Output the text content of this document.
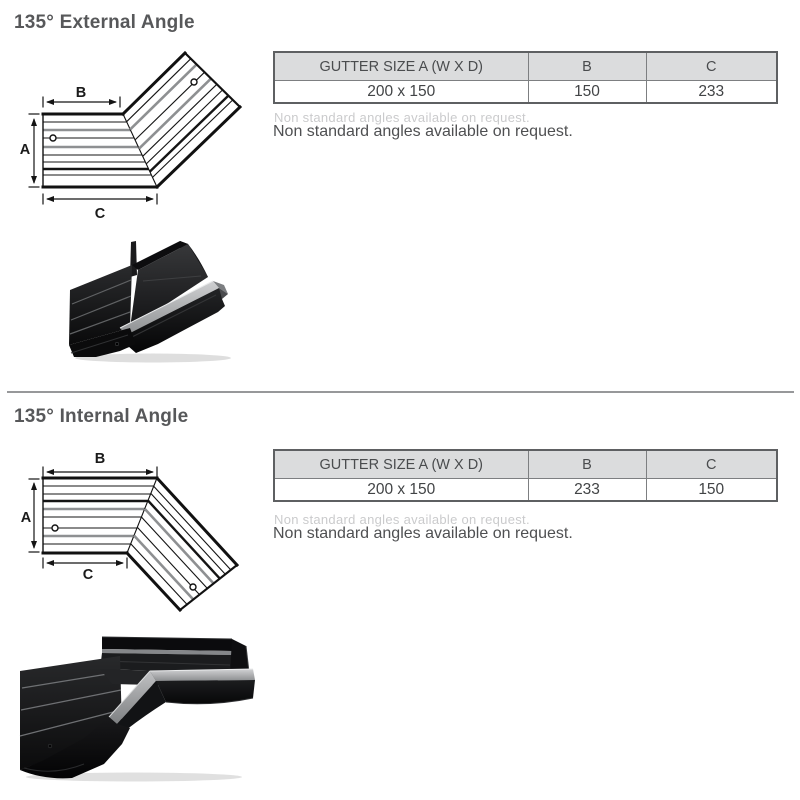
135° External Angle
B
A
C
GUTTER SIZE A (W X D)	B	C
200 x 150	150	233
Non standard angles available on request.
Non standard angles available on request.
135° Internal Angle
B
A
C
GUTTER SIZE A (W X D)	B	C
200 x 150	233	150
Non standard angles available on request.
Non standard angles available on request.
